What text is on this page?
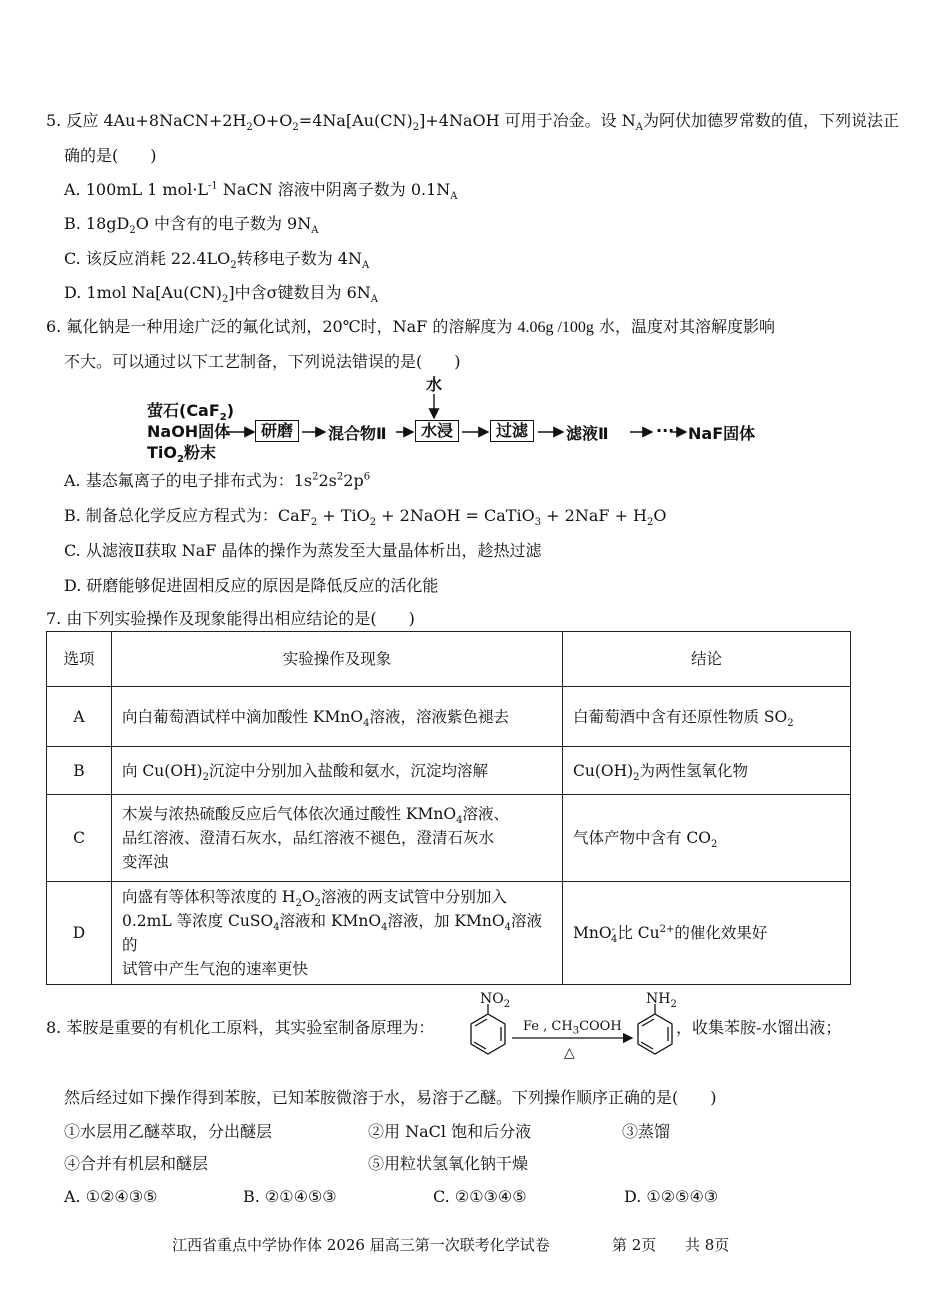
5. 反应 $4Au+8NaCN+2H_2O+O_2=4Na[Au(CN)_2]+4NaOH$ 可用于冶金。设 $N_A$为阿伏加德罗常数的值，下列说法正
确的是(　　)
A. 100mL 1 $mol\cdot L^{-1}$ NaCN 溶液中阴离子数为 $0.1N_A$
B. $18gD_2O$ 中含有的电子数为 $9N_A$
C. 该反应消耗 $22.4LO_2$转移电子数为 $4N_A$
D. 1mol $Na[Au(CN)_2]$中含σ键数目为 $6N_A$
6. 氟化钠是一种用途广泛的氟化试剂，20℃时，NaF 的溶解度为 4.06g /100g 水，温度对其溶解度影响
不大。可以通过以下工艺制备，下列说法错误的是(　　)
水
萤石(CaF$_2$)
NaOH固体
TiO$_2$粉末
研磨	混合物Ⅱ	水浸	过滤	滤液Ⅱ	··· NaF固体
A. 基态氟离子的电子排布式为：$1s^22s^22p^6$
B. 制备总化学反应方程式为：CaF$_2$ + TiO$_2$ + 2NaOH = CaTiO$_3$ + $2NaF + H_2O$
C. 从滤液Ⅱ获取 NaF 晶体的操作为蒸发至大量晶体析出，趁热过滤
D. 研磨能够促进固相反应的原因是降低反应的活化能
7. 由下列实验操作及现象能得出相应结论的是(　　)
选项	实验操作及现象	结论
A	向白葡萄酒试样中滴加酸性 KMnO$_4$溶液，溶液紫色褪去	白葡萄酒中含有还原性物质 $SO_2$
B	向 $Cu(OH)_2$沉淀中分别加入盐酸和氨水，沉淀均溶解	$Cu(OH)_2$为两性氢氧化物
C	木炭与浓热硫酸反应后气体依次通过酸性 KMnO$_4$溶液、
品红溶液、澄清石灰水，品红溶液不褪色，澄清石灰水
变浑浊	气体产物中含有 $CO_2$
D	向盛有等体积等浓度的 $H_2O_2$溶液的两支试管中分别加入
0.2mL 等浓度 CuSO$_4$溶液和 KMnO$_4$溶液，加 KMnO$_4$溶液的
试管中产生气泡的速率更快	MnO-$_4$比 $Cu^{2+}$的催化效果好
8. 苯胺是重要的有机化工原料，其实验室制备原理为：
$NO_2$	$NH_2$
Fe , $CH_3COOH$
△
，收集苯胺-水馏出液；
然后经过如下操作得到苯胺，已知苯胺微溶于水，易溶于乙醚。下列操作顺序正确的是(　　)
①水层用乙醚萃取，分出醚层	②用 NaCl 饱和后分液	③蒸馏
④合并有机层和醚层	⑤用粒状氢氧化钠干燥
A. ①②④③⑤	B. ②①④⑤③	C. ②①③④⑤	D. ①②⑤④③
江西省重点中学协作体 2026 届高三第一次联考化学试卷	第 2页 共 8页
